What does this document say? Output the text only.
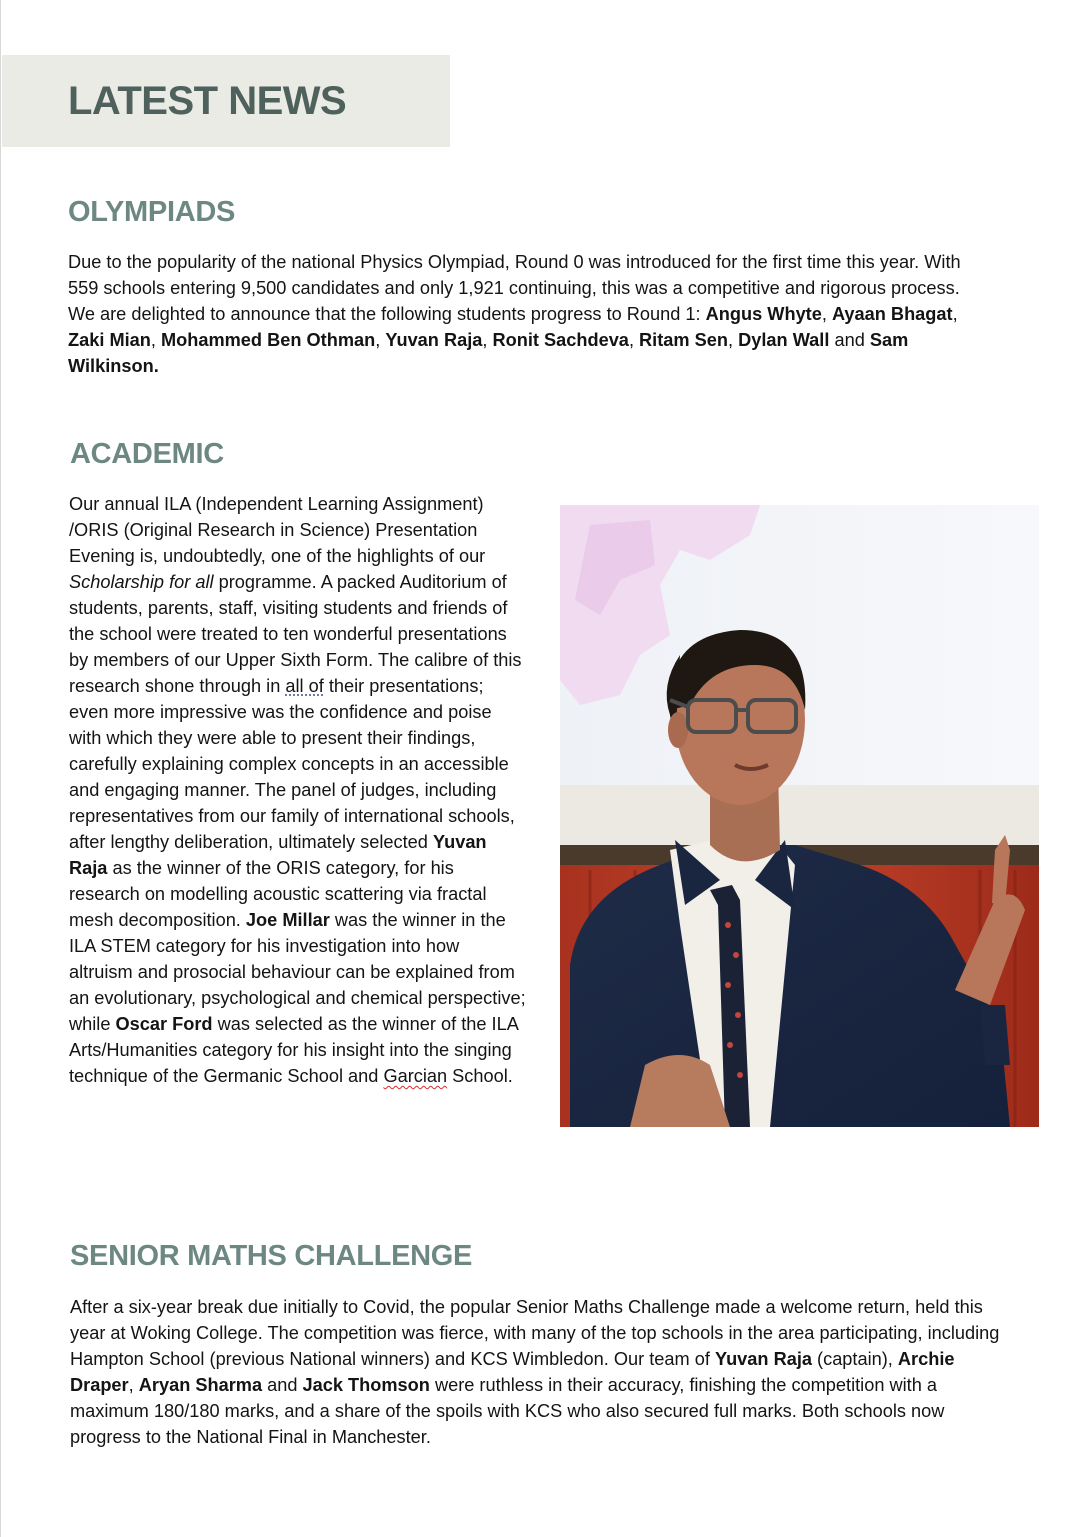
LATEST NEWS
OLYMPIADS

Due to the popularity of the national Physics Olympiad, Round 0 was introduced for the first time this year. With 559 schools entering 9,500 candidates and only 1,921 continuing, this was a competitive and rigorous process. We are delighted to announce that the following students progress to Round 1: Angus Whyte, Ayaan Bhagat, Zaki Mian, Mohammed Ben Othman, Yuvan Raja, Ronit Sachdeva, Ritam Sen, Dylan Wall and Sam Wilkinson.

ACADEMIC

Our annual ILA (Independent Learning Assignment) /ORIS (Original Research in Science) Presentation Evening is, undoubtedly, one of the highlights of our Scholarship for all programme. A packed Auditorium of students, parents, staff, visiting students and friends of the school were treated to ten wonderful presentations by members of our Upper Sixth Form. The calibre of this research shone through in all of their presentations; even more impressive was the confidence and poise with which they were able to present their findings, carefully explaining complex concepts in an accessible and engaging manner. The panel of judges, including representatives from our family of international schools, after lengthy deliberation, ultimately selected Yuvan Raja as the winner of the ORIS category, for his research on modelling acoustic scattering via fractal mesh decomposition. Joe Millar was the winner in the ILA STEM category for his investigation into how altruism and prosocial behaviour can be explained from an evolutionary, psychological and chemical perspective; while Oscar Ford was selected as the winner of the ILA Arts/Humanities category for his insight into the singing technique of the Germanic School and Garcian School.

SENIOR MATHS CHALLENGE

After a six-year break due initially to Covid, the popular Senior Maths Challenge made a welcome return, held this year at Woking College. The competition was fierce, with many of the top schools in the area participating, including Hampton School (previous National winners) and KCS Wimbledon. Our team of Yuvan Raja (captain), Archie Draper, Aryan Sharma and Jack Thomson were ruthless in their accuracy, finishing the competition with a maximum 180/180 marks, and a share of the spoils with KCS who also secured full marks. Both schools now progress to the National Final in Manchester.
